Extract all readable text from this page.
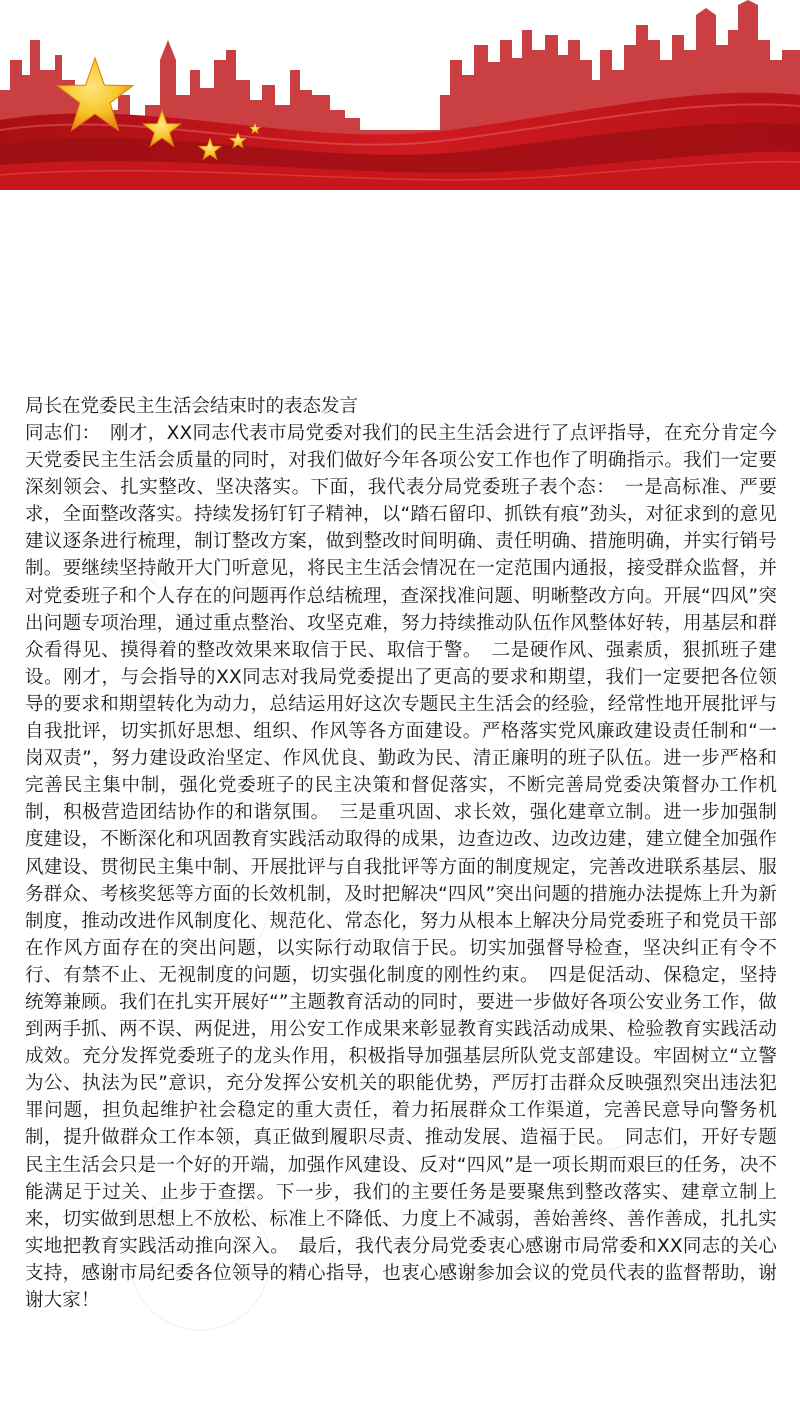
局长在党委民主生活会结束时的表态发言

同志们：　刚才，XX同志代表市局党委对我们的民主生活会进行了点评指导，在充分肯定今天党委民主生活会质量的同时，对我们做好今年各项公安工作也作了明确指示。我们一定要深刻领会、扎实整改、坚决落实。下面，我代表分局党委班子表个态：　一是高标准、严要求，全面整改落实。持续发扬钉钉子精神，以“踏石留印、抓铁有痕”劲头，对征求到的意见建议逐条进行梳理，制订整改方案，做到整改时间明确、责任明确、措施明确，并实行销号制。要继续坚持敞开大门听意见，将民主生活会情况在一定范围内通报，接受群众监督，并对党委班子和个人存在的问题再作总结梳理，查深找准问题、明晰整改方向。开展“四风”突出问题专项治理，通过重点整治、攻坚克难，努力持续推动队伍作风整体好转，用基层和群众看得见、摸得着的整改效果来取信于民、取信于警。　二是硬作风、强素质，狠抓班子建设。刚才，与会指导的XX同志对我局党委提出了更高的要求和期望，我们一定要把各位领导的要求和期望转化为动力，总结运用好这次专题民主生活会的经验，经常性地开展批评与自我批评，切实抓好思想、组织、作风等各方面建设。严格落实党风廉政建设责任制和“一岗双责”，努力建设政治坚定、作风优良、勤政为民、清正廉明的班子队伍。进一步严格和完善民主集中制，强化党委班子的民主决策和督促落实，不断完善局党委决策督办工作机制，积极营造团结协作的和谐氛围。　三是重巩固、求长效，强化建章立制。进一步加强制度建设，不断深化和巩固教育实践活动取得的成果，边查边改、边改边建，建立健全加强作风建设、贯彻民主集中制、开展批评与自我批评等方面的制度规定，完善改进联系基层、服务群众、考核奖惩等方面的长效机制，及时把解决“四风”突出问题的措施办法提炼上升为新制度，推动改进作风制度化、规范化、常态化，努力从根本上解决分局党委班子和党员干部在作风方面存在的突出问题，以实际行动取信于民。切实加强督导检查，坚决纠正有令不行、有禁不止、无视制度的问题，切实强化制度的刚性约束。　四是促活动、保稳定，坚持统筹兼顾。我们在扎实开展好“”主题教育活动的同时，要进一步做好各项公安业务工作，做到两手抓、两不误、两促进，用公安工作成果来彰显教育实践活动成果、检验教育实践活动成效。充分发挥党委班子的龙头作用，积极指导加强基层所队党支部建设。牢固树立“立警为公、执法为民”意识，充分发挥公安机关的职能优势，严厉打击群众反映强烈突出违法犯罪问题，担负起维护社会稳定的重大责任，着力拓展群众工作渠道，完善民意导向警务机制，提升做群众工作本领，真正做到履职尽责、推动发展、造福于民。　同志们，开好专题民主生活会只是一个好的开端，加强作风建设、反对“四风”是一项长期而艰巨的任务，决不能满足于过关、止步于查摆。下一步，我们的主要任务是要聚焦到整改落实、建章立制上来，切实做到思想上不放松、标准上不降低、力度上不减弱，善始善终、善作善成，扎扎实实地把教育实践活动推向深入。　最后，我代表分局党委衷心感谢市局常委和XX同志的关心支持，感谢市局纪委各位领导的精心指导，也衷心感谢参加会议的党员代表的监督帮助，谢谢大家！
